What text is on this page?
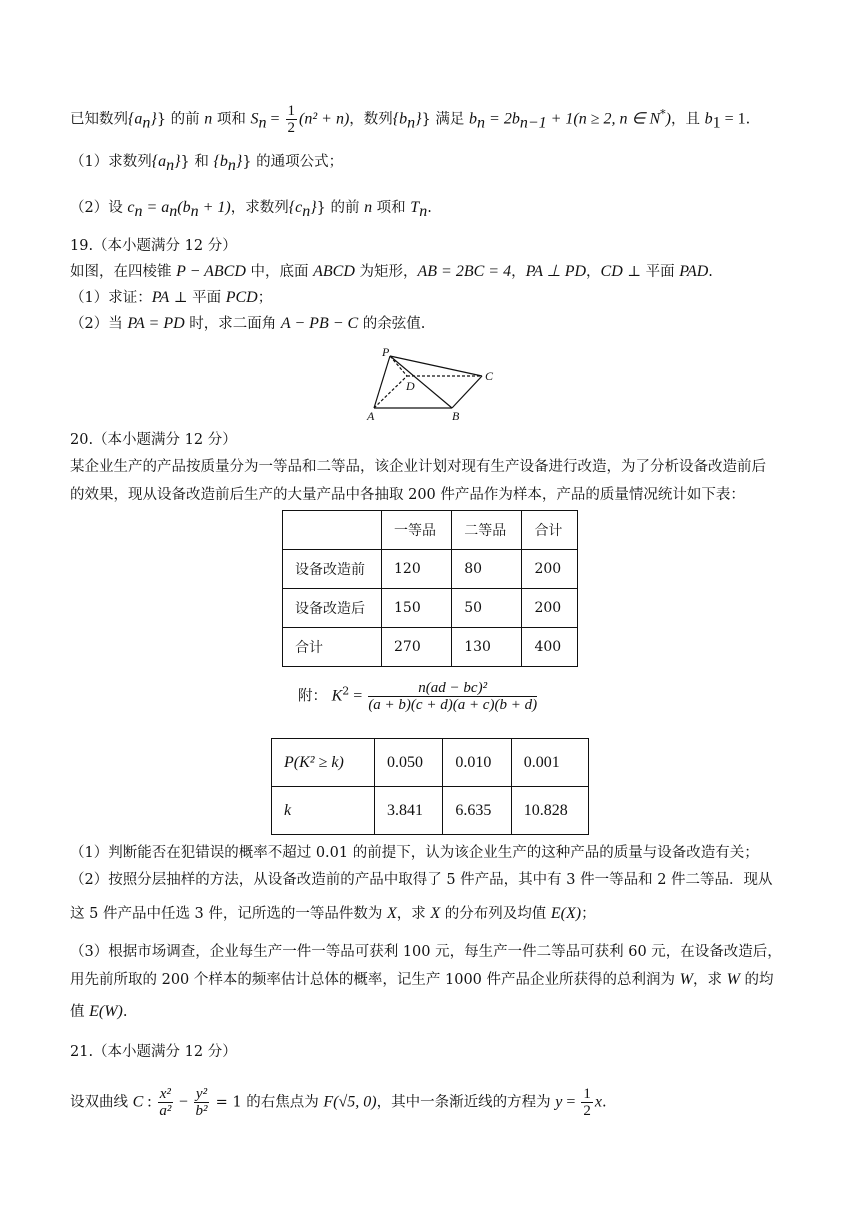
已知数列$\{a_n\}$} 的前 n 项和 $S_n = \frac{1}{2} (n^2 + n)$，数列$\{b_n\}$} 满足 $b_n = 2b_{n-1} + 1(n \ge 2$, n ∈ N*)，且 $b_1 = 1$.
（1）求数列$\{a_n\}$} 和 $\{b_n\}$} 的通项公式；
（2）设 $c_n = a_n(b_n + 1)$，求数列$\{c_n\}$} 的前 n 项和 $T_n$.
19.（本小题满分 12 分）
如图，在四棱锥 P − ABCD 中，底面 ABCD 为矩形，AB = 2BC = 4，PA ⊥ PD，CD ⊥ 平面 PAD.
（1）求证：PA ⊥ 平面 PCD；
（2）当 PA = PD 时，求二面角 A − PB − C 的余弦值.
P
D
C
A	B
20.（本小题满分 12 分）
某企业生产的产品按质量分为一等品和二等品，该企业计划对现有生产设备进行改造，为了分析设备改造前后
的效果，现从设备改造前后生产的大量产品中各抽取 200 件产品作为样本，产品的质量情况统计如下表：
	一等品	二等品	合计
设备改造前	120	80	200
设备改造后	150	50	200
合计	270	130	400
附： $K^2 = \frac{\text{n(ad − bc)²}}{(a + b)(c + d)(a + c)(b + d)}$
P(K² ≥ k)	0.050	0.010	0.001
k	3.841	6.635	10.828
（1）判断能否在犯错误的概率不超过 0.01 的前提下，认为该企业生产的这种产品的质量与设备改造有关；
（2）按照分层抽样的方法，从设备改造前的产品中取得了 5 件产品，其中有 3 件一等品和 2 件二等品．现从
这 5 件产品中任选 3 件，记所选的一等品件数为 X，求 X 的分布列及均值 E(X)；
（3）根据市场调查，企业每生产一件一等品可获利 100 元，每生产一件二等品可获利 60 元，在设备改造后，
用先前所取的 200 个样本的频率估计总体的概率，记生产 1000 件产品企业所获得的总利润为 W，求 W 的均
值 E(W).
21.（本小题满分 12 分）
设双曲线 C : $\frac{\text{x²}}{\text{a²}} - \frac{\text{y²}}{\text{b²}} = 1$ 的右焦点为 F(√5, 0)，其中一条渐近线的方程为 $y = \frac{1}{2} x$.
